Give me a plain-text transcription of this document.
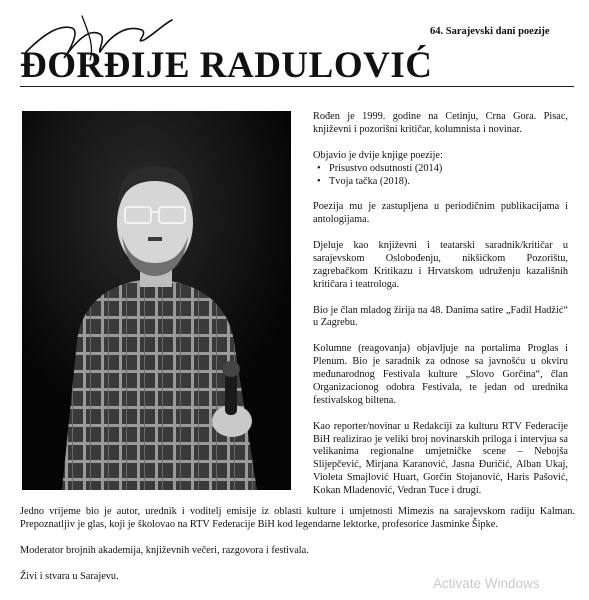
64. Sarajevski dani poezije
ĐORĐIJE RADULOVIĆ

Rođen je 1999. godine na Cetinju, Crna Gora. Pisac, književni i pozorišni kritičar, kolumnista i novinar.

Objavio je dvije knjige poezije:
• Prisustvo odsutnosti (2014)
• Tvoja tačka (2018).

Poezija mu je zastupljena u periodičnim publikacijama i antologijama.

Djeluje kao književni i teatarski saradnik/kritičar u sarajevskom Oslobođenju, nikšićkom Pozorištu, zagrebačkom Kritikazu i Hrvatskom udruženju kazališnih kritičara i teatrologa.

Bio je član mladog žirija na 48. Danima satire „Fadil Hadžić“ u Zagrebu.

Kolumne (reagovanja) objavljuje na portalima Proglas i Plenum. Bio je saradnik za odnose sa javnošću u okviru međunarodnog Festivala kulture „Slovo Gorčina“, član Organizacionog odobra Festivala, te jedan od urednika festivalskog biltena.

Kao reporter/novinar u Redakciji za kulturu RTV Federacije BiH realizirao je veliki broj novinarskih priloga i intervjua sa velikanima regionalne umjetničke scene – Nebojša Slijepčević, Mirjana Karanović, Jasna Đuričić, Alban Ukaj, Violeta Smajlović Huart, Gorčin Stojanović, Haris Pašović, Kokan Mladenović, Vedran Tuce i drugi.

Jedno vrijeme bio je autor, urednik i voditelj emisije iz oblasti kulture i umjetnosti Mimezis na sarajevskom radiju Kalman. Prepoznatljiv je glas, koji je školovao na RTV Federacije BiH kod legendarne lektorke, profesorice Jasminke Šipke.

Moderator brojnih akademija, književnih večeri, razgovora i festivala.

Živi i stvara u Sarajevu.	Activate Windows
